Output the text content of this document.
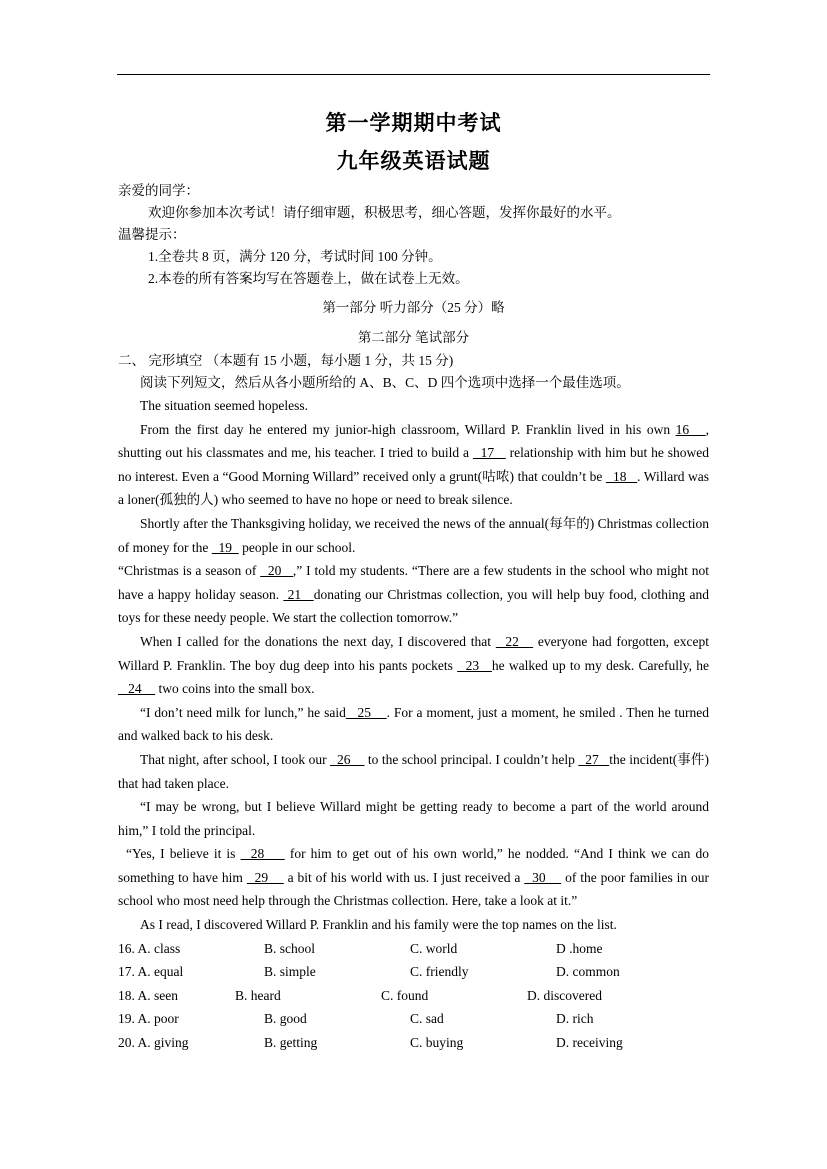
第一学期期中考试
九年级英语试题
亲爱的同学：
欢迎你参加本次考试！请仔细审题，积极思考，细心答题，发挥你最好的水平。
温馨提示：
1.全卷共 8 页，满分 120 分，考试时间 100 分钟。
2.本卷的所有答案均写在答题卷上，做在试卷上无效。
第一部分 听力部分（25 分）略
第二部分 笔试部分
二、 完形填空 （本题有 15 小题，每小题 1 分，共 15 分)
阅读下列短文，然后从各小题所给的 A、B、C、D 四个选项中选择一个最佳选项。
The situation seemed hopeless.
From the first day he entered my junior-high classroom, Willard P. Franklin lived in his own 16   , shutting out his classmates and me, his teacher. I tried to build a   17    relationship with him but he showed no interest. Even a “Good Morning Willard” received only a grunt(咕哝) that couldn’t be   18   . Willard was a loner(孤独的人) who seemed to have no hope or need to break silence.
Shortly after the Thanksgiving holiday, we received the news of the annual(每年的) Christmas collection of money for the   19   people in our school.
“Christmas is a season of   20   ,” I told my students. “There are a few students in the school who might not have a happy holiday season.  21   donating our Christmas collection, you will help buy food, clothing and toys for these needy people. We start the collection tomorrow.”
When I called for the donations the next day, I discovered that   22    everyone had forgotten, except Willard P. Franklin. The boy dug deep into his pants pockets   23   he walked up to my desk. Carefully, he   24     two coins into the small box.
“I don’t need milk for lunch,” he said   25    . For a moment, just a moment, he smiled . Then he turned and walked back to his desk.
That night, after school, I took our   26     to the school principal. I couldn’t help   27   the incident(事件) that had taken place.
“I may be wrong, but I believe Willard might be getting ready to become a part of the world around him,” I told the principal.
“Yes, I believe it is   28     for him to get out of his own world,” he nodded. “And I think we can do something to have him   29     a bit of his world with us. I just received a   30     of the poor families in our school who most need help through the Christmas collection. Here, take a look at it.”
As I read, I discovered Willard P. Franklin and his family were the top names on the list.
16. A. class	B. school	C. world	D .home
17. A. equal	B. simple	C. friendly	D. common
18. A. seen	B. heard	C. found	D. discovered
19. A. poor	B. good	C. sad	D. rich
20. A. giving	B. getting	C. buying	D. receiving
